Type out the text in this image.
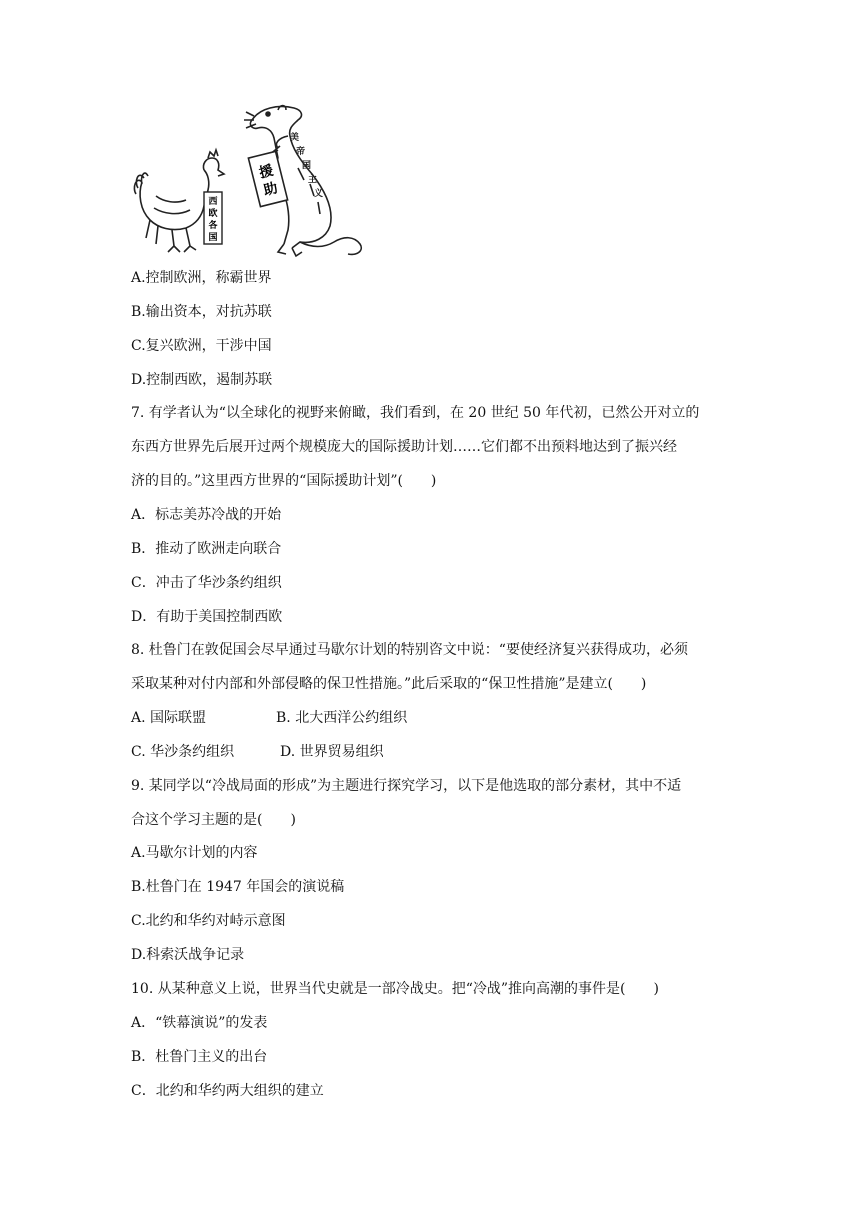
西
欧
各
国
美
帝
国
主
义
援
助
A.控制欧洲，称霸世界
B.输出资本，对抗苏联
C.复兴欧洲，干涉中国
D.控制西欧，遏制苏联
7. 有学者认为“以全球化的视野来俯瞰，我们看到，在 20 世纪 50 年代初，已然公开对立的
东西方世界先后展开过两个规模庞大的国际援助计划……它们都不出预料地达到了振兴经
济的目的。”这里西方世界的“国际援助计划”(　　)
A．标志美苏冷战的开始
B．推动了欧洲走向联合
C．冲击了华沙条约组织
D．有助于美国控制西欧
8. 杜鲁门在敦促国会尽早通过马歇尔计划的特别咨文中说：“要使经济复兴获得成功，必须
采取某种对付内部和外部侵略的保卫性措施。”此后采取的“保卫性措施”是建立(　　)
A. 国际联盟	B. 北大西洋公约组织
C. 华沙条约组织	D. 世界贸易组织
9. 某同学以“冷战局面的形成”为主题进行探究学习，以下是他选取的部分素材，其中不适
合这个学习主题的是(　　)
A.马歇尔计划的内容
B.杜鲁门在 1947 年国会的演说稿
C.北约和华约对峙示意图
D.科索沃战争记录
10. 从某种意义上说，世界当代史就是一部冷战史。把“冷战”推向高潮的事件是(　　)
A．“铁幕演说”的发表
B．杜鲁门主义的出台
C．北约和华约两大组织的建立
